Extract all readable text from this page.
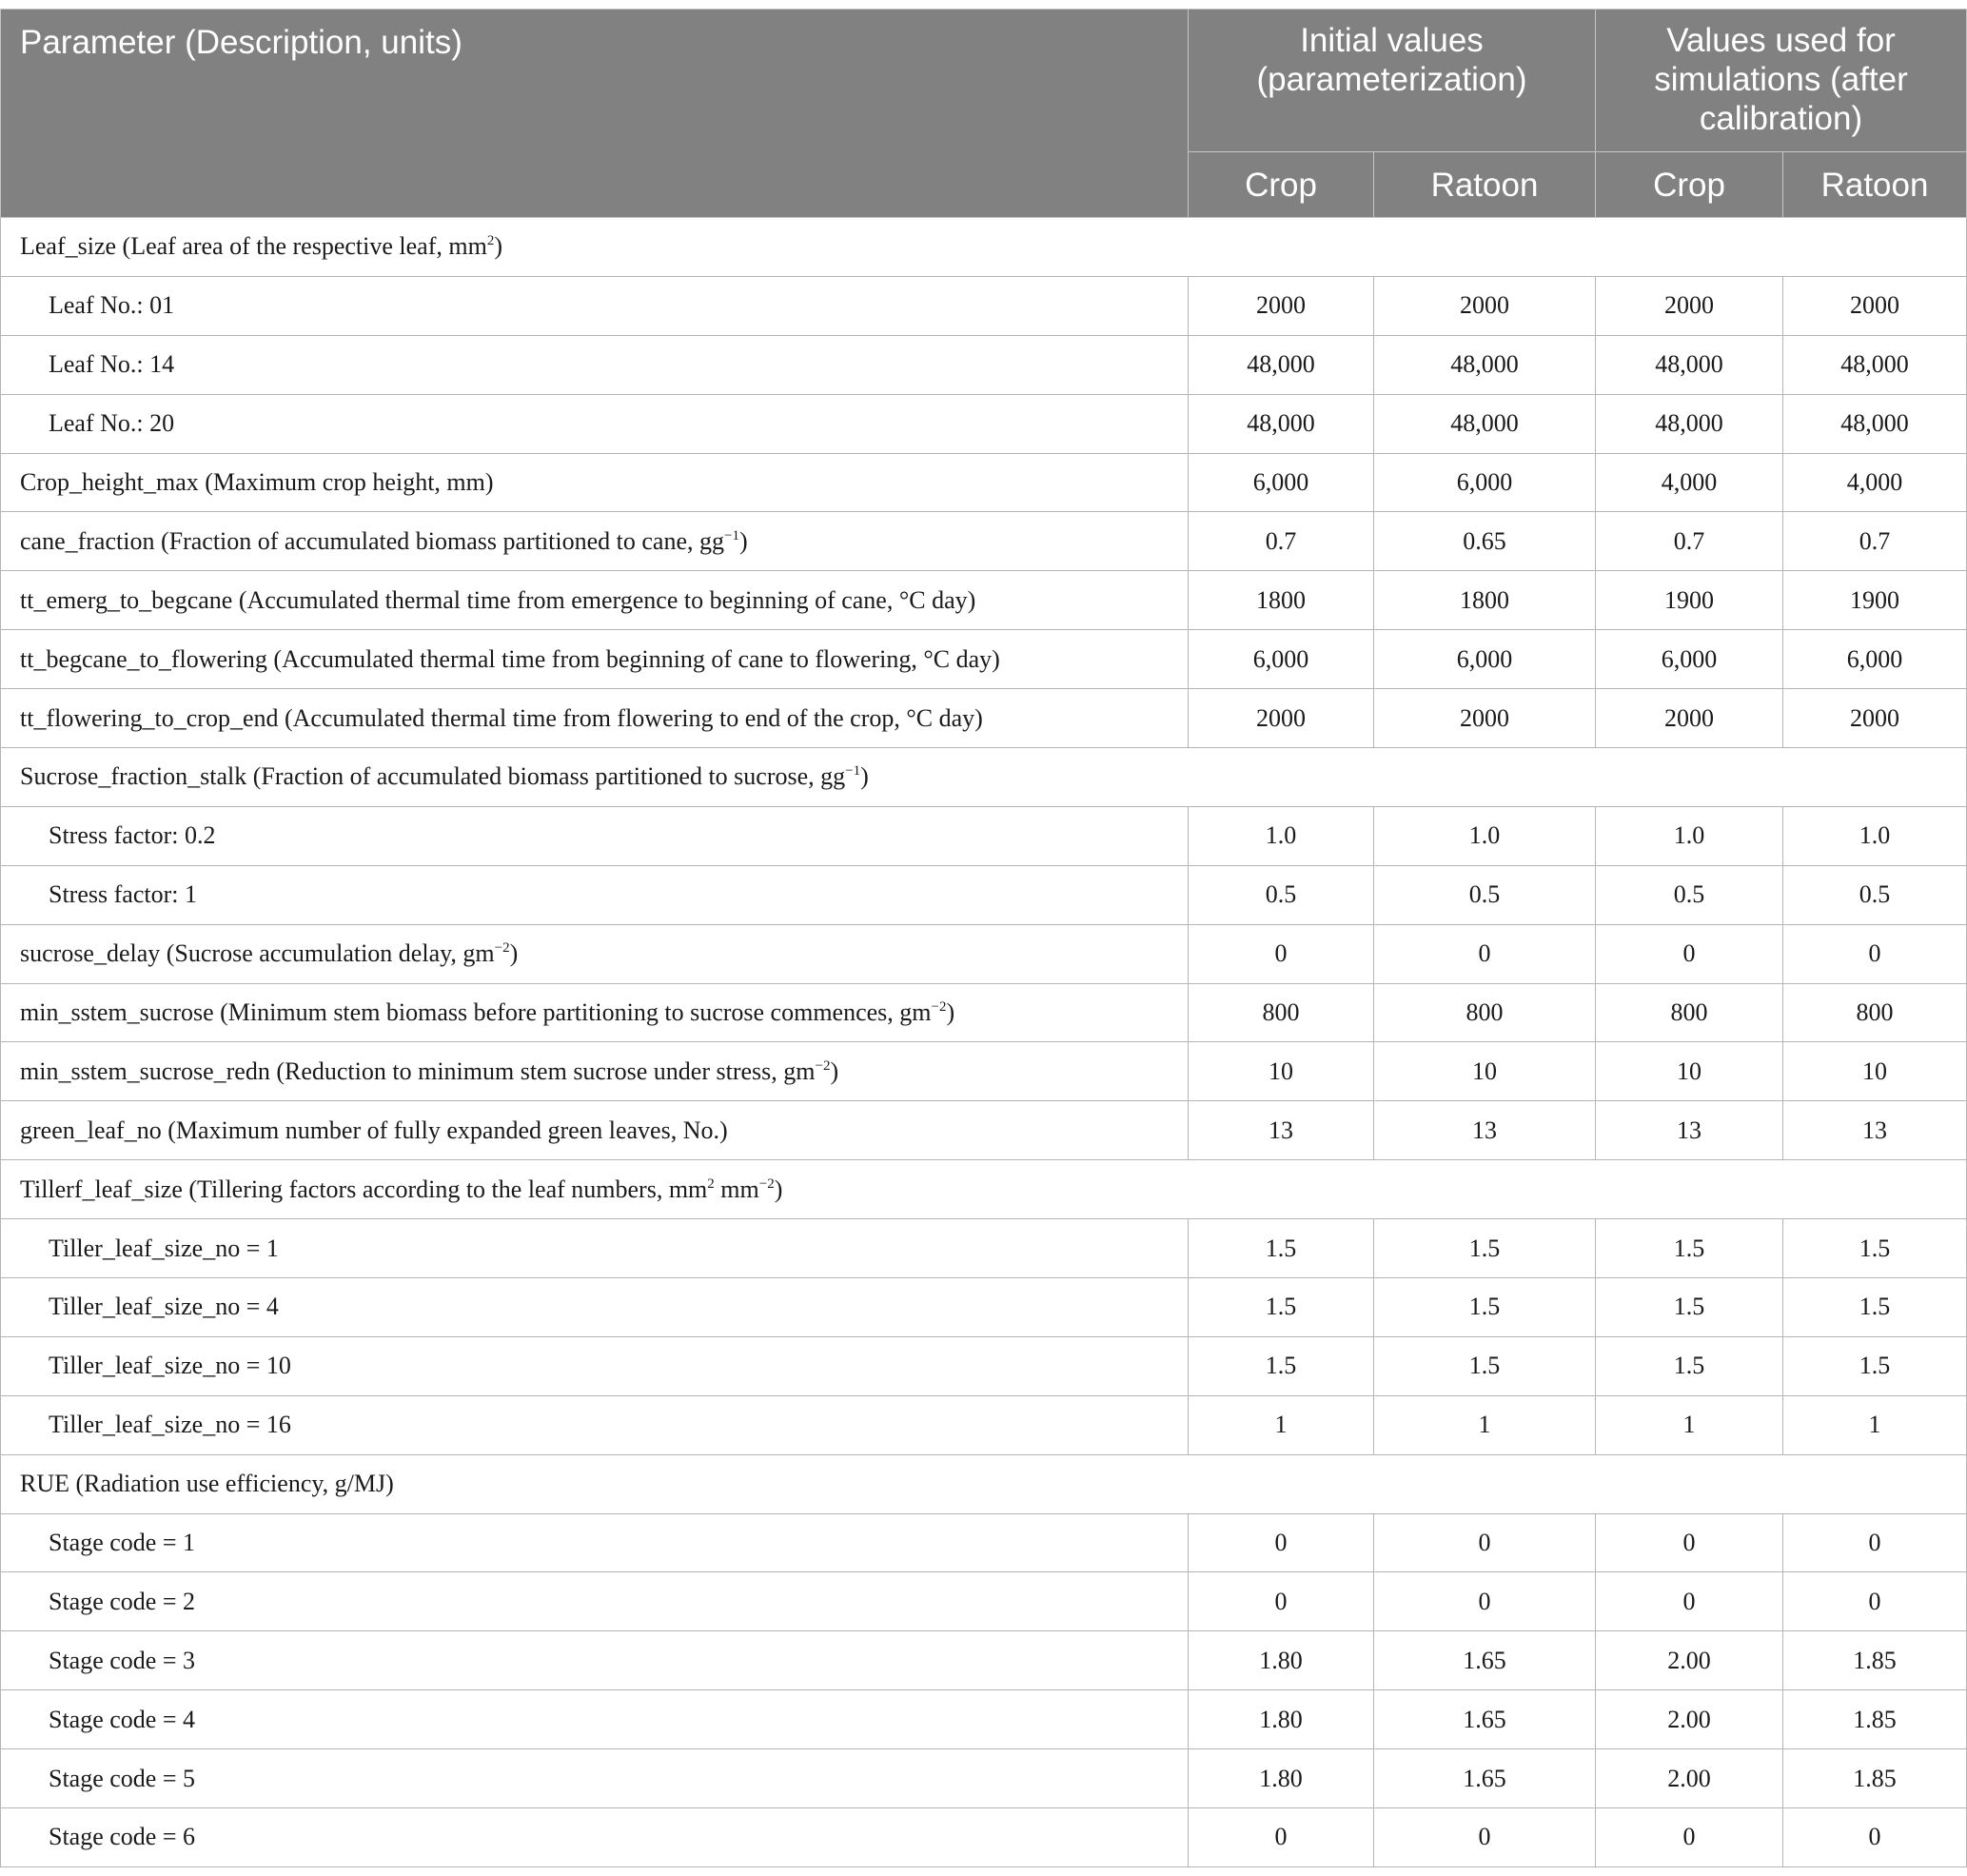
Parameter (Description, units)	Initial values (parameterization)		Values used for simulations (after calibration)	
	Crop	Ratoon	Crop	Ratoon
Leaf_size (Leaf area of the respective leaf, $mm^2$)				
Leaf No.: 01	2000	2000	2000	2000
Leaf No.: 14	48,000	48,000	48,000	48,000
Leaf No.: 20	48,000	48,000	48,000	48,000
Crop_height_max (Maximum crop height, mm)	6,000	6,000	4,000	4,000
cane_fraction (Fraction of accumulated biomass partitioned to cane, $gg^{-1}$)	0.7	0.65	0.7	0.7
tt_emerg_to_begcane (Accumulated thermal time from emergence to beginning of cane, °C day)	1800	1800	1900	1900
tt_begcane_to_flowering (Accumulated thermal time from beginning of cane to flowering, °C day)	6,000	6,000	6,000	6,000
tt_flowering_to_crop_end (Accumulated thermal time from flowering to end of the crop, °C day)	2000	2000	2000	2000
Sucrose_fraction_stalk (Fraction of accumulated biomass partitioned to sucrose, $gg^{-1}$)				
Stress factor: 0.2	1.0	1.0	1.0	1.0
Stress factor: 1	0.5	0.5	0.5	0.5
sucrose_delay (Sucrose accumulation delay, $gm^{-2}$)	0	0	0	0
min_sstem_sucrose (Minimum stem biomass before partitioning to sucrose commences, $gm^{-2}$)	800	800	800	800
min_sstem_sucrose_redn (Reduction to minimum stem sucrose under stress, $gm^{-2}$)	10	10	10	10
green_leaf_no (Maximum number of fully expanded green leaves, No.)	13	13	13	13
Tillerf_leaf_size (Tillering factors according to the leaf numbers, $mm^2$ $mm^{-2}$)				
Tiller_leaf_size_no = 1	1.5	1.5	1.5	1.5
Tiller_leaf_size_no = 4	1.5	1.5	1.5	1.5
Tiller_leaf_size_no = 10	1.5	1.5	1.5	1.5
Tiller_leaf_size_no = 16	1	1	1	1
RUE (Radiation use efficiency, g/MJ)				
Stage code = 1	0	0	0	0
Stage code = 2	0	0	0	0
Stage code = 3	1.80	1.65	2.00	1.85
Stage code = 4	1.80	1.65	2.00	1.85
Stage code = 5	1.80	1.65	2.00	1.85
Stage code = 6	0	0	0	0
